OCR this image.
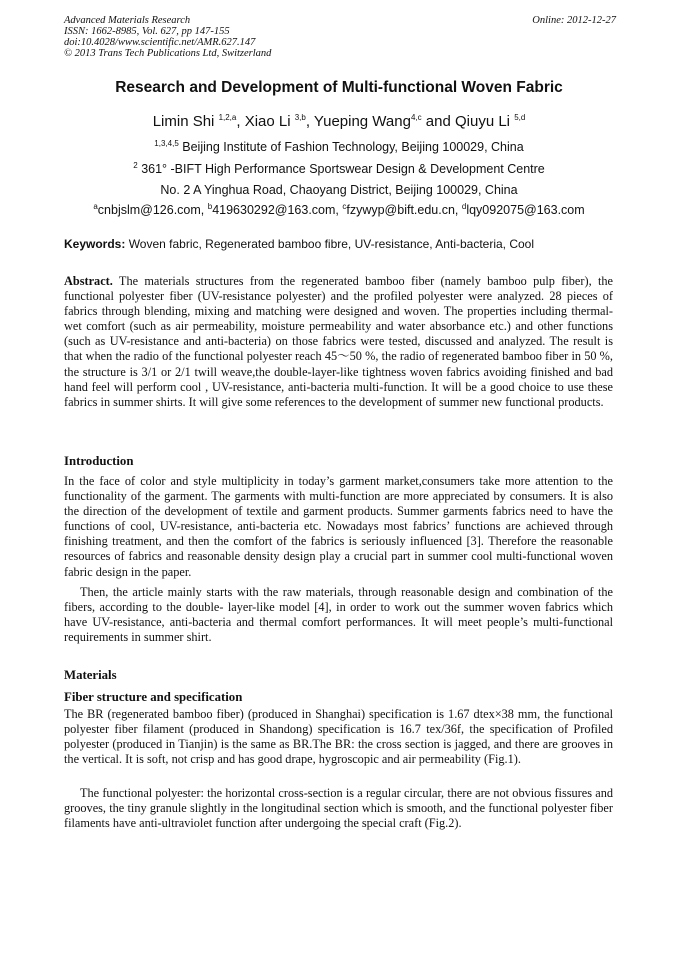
Advanced Materials Research
ISSN: 1662-8985, Vol. 627, pp 147-155
doi:10.4028/www.scientific.net/AMR.627.147
© 2013 Trans Tech Publications Ltd, Switzerland
Online: 2012-12-27
Research and Development of Multi-functional Woven Fabric
Limin Shi $^{1,2,a}$, Xiao Li $^{3,b}$, Yueping Wang$^{4,c}$ and Qiuyu Li $^{5,d}$
$^{1,3,4,5}$ Beijing Institute of Fashion Technology, Beijing 100029, China
$^2$ 361° -BIFT High Performance Sportswear Design & Development Centre
No. 2 A Yinghua Road, Chaoyang District, Beijing 100029, China
$^a$cnbjslm@126.com, $^b$419630292@163.com, $^c$fzywyp@bift.edu.cn, $^d$lqy092075@163.com
Keywords: Woven fabric, Regenerated bamboo fibre, UV-resistance, Anti-bacteria, Cool
Abstract. The materials structures from the regenerated bamboo fiber (namely bamboo pulp fiber), the functional polyester fiber (UV-resistance polyester) and the profiled polyester were analyzed. 28 pieces of fabrics through blending, mixing and matching were designed and woven. The properties including thermal-wet comfort (such as air permeability, moisture permeability and water absorbance etc.) and other functions (such as UV-resistance and anti-bacteria) on those fabrics were tested, discussed and analyzed. The result is that when the radio of the functional polyester reach 45～50 %, the radio of regenerated bamboo fiber in 50 %, the structure is 3/1 or 2/1 twill weave,the double-layer-like tightness woven fabrics avoiding finished and bad hand feel will perform cool , UV-resistance, anti-bacteria multi-function. It will be a good choice to use these fabrics in summer shirts. It will give some references to the development of summer new functional products.
Introduction
In the face of color and style multiplicity in today’s garment market,consumers take more attention to the functionality of the garment. The garments with multi-function are more appreciated by consumers. It is also the direction of the development of textile and garment products. Summer garments fabrics need to have the functions of cool, UV-resistance, anti-bacteria etc. Nowadays most fabrics’ functions are achieved through finishing treatment, and then the comfort of the fabrics is seriously influenced [3]. Therefore the reasonable resources of fabrics and reasonable density design play a crucial part in summer cool multi-functional woven fabric design in the paper.
Then, the article mainly starts with the raw materials, through reasonable design and combination of the fibers, according to the double- layer-like model [4], in order to work out the summer woven fabrics which have UV-resistance, anti-bacteria and thermal comfort performances. It will meet people’s multi-functional requirements in summer shirt.
Materials
Fiber structure and specification
The BR (regenerated bamboo fiber) (produced in Shanghai) specification is 1.67 dtex×38 mm, the functional polyester fiber filament (produced in Shandong) specification is 16.7 tex/36f, the specification of Profiled polyester (produced in Tianjin) is the same as BR.The BR: the cross section is jagged, and there are grooves in the vertical. It is soft, not crisp and has good drape, hygroscopic and air permeability (Fig.1).
The functional polyester: the horizontal cross-section is a regular circular, there are not obvious fissures and grooves, the tiny granule slightly in the longitudinal section which is smooth, and the functional polyester fiber filaments have anti-ultraviolet function after undergoing the special craft (Fig.2).
